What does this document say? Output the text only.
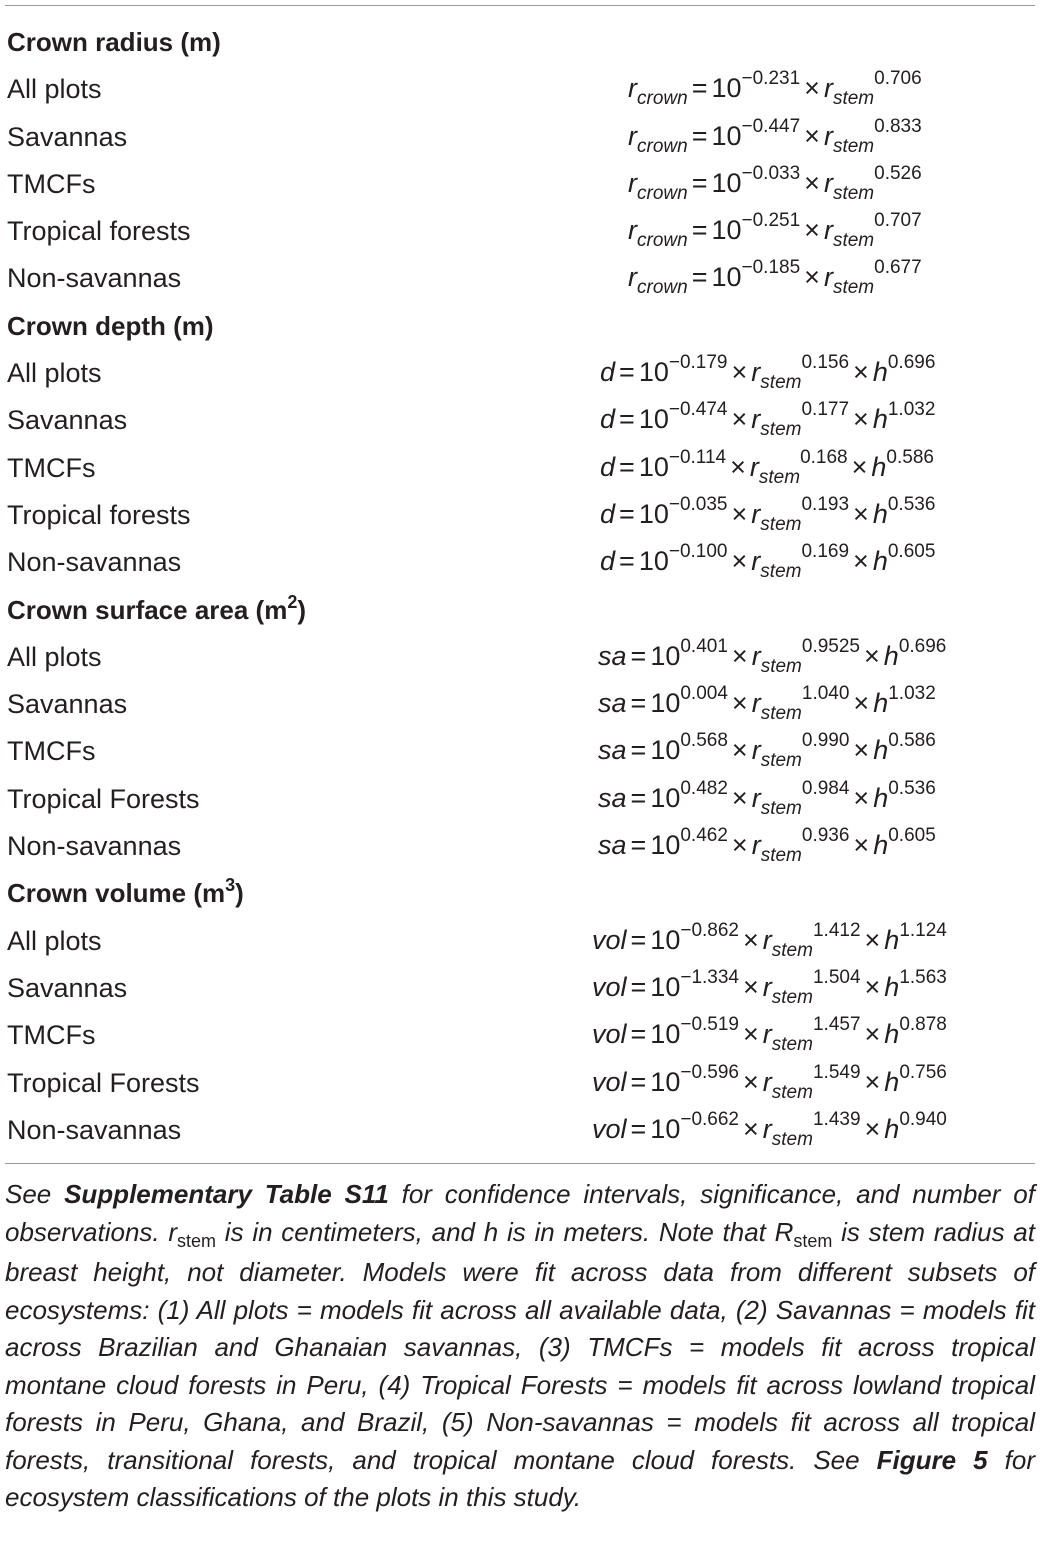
Crown radius (m)
All plots	$r_{crown} = 10^{-0.231} \times r_{stem}^{0.706}$
Savannas	$r_{crown} = 10^{-0.447} \times r_{stem}^{0.833}$
TMCFs	$r_{crown} = 10^{-0.033} \times r_{stem}^{0.526}$
Tropical forests	$r_{crown} = 10^{-0.251} \times r_{stem}^{0.707}$
Non-savannas	$r_{crown} = 10^{-0.185} \times r_{stem}^{0.677}$
Crown depth (m)
All plots	$d = 10^{-0.179} \times r_{stem}^{0.156} \times h^{0.696}$
Savannas	$d = 10^{-0.474} \times r_{stem}^{0.177} \times h^{1.032}$
TMCFs	$d = 10^{-0.114} \times r_{stem}^{0.168} \times h^{0.586}$
Tropical forests	$d = 10^{-0.035} \times r_{stem}^{0.193} \times h^{0.536}$
Non-savannas	$d = 10^{-0.100} \times r_{stem}^{0.169} \times h^{0.605}$
Crown surface area $(m^2)$
All plots	sa = $10^{0.401} \times r_{stem}^{0.9525} \times h^{0.696}$
Savannas	sa = $10^{0.004} \times r_{stem}^{1.040} \times h^{1.032}$
TMCFs	sa = $10^{0.568} \times r_{stem}^{0.990} \times h^{0.586}$
Tropical Forests	sa = $10^{0.482} \times r_{stem}^{0.984} \times h^{0.536}$
Non-savannas	sa = $10^{0.462} \times r_{stem}^{0.936} \times h^{0.605}$
Crown volume $(m^3)$
All plots	vol = $10^{-0.862} \times r_{stem}^{1.412} \times h^{1.124}$
Savannas	vol = $10^{-1.334} \times r_{stem}^{1.504} \times h^{1.563}$
TMCFs	vol = $10^{-0.519} \times r_{stem}^{1.457} \times h^{0.878}$
Tropical Forests	vol = $10^{-0.596} \times r_{stem}^{1.549} \times h^{0.756}$
Non-savannas	vol = $10^{-0.662} \times r_{stem}^{1.439} \times h^{0.940}$

See Supplementary Table S11 for confidence intervals, significance, and number of observations. $r_{stem}$ is in centimeters, and h is in meters. Note that $R_{stem}$ is stem radius at breast height, not diameter. Models were fit across data from different subsets of ecosystems: (1) All plots = models fit across all available data, (2) Savannas = models fit across Brazilian and Ghanaian savannas, (3) TMCFs = models fit across tropical montane cloud forests in Peru, (4) Tropical Forests = models fit across lowland tropical forests in Peru, Ghana, and Brazil, (5) Non-savannas = models fit across all tropical forests, transitional forests, and tropical montane cloud forests. See Figure 5 for ecosystem classifications of the plots in this study.
